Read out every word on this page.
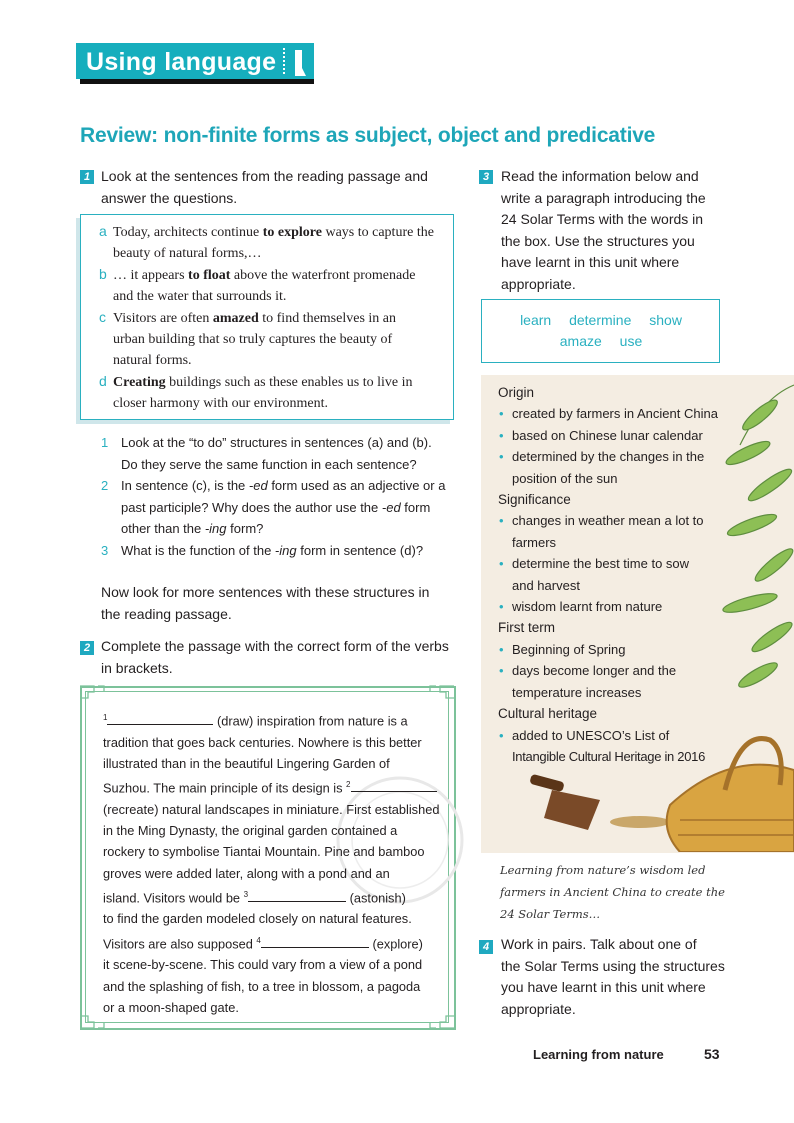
Using language
Review: non-finite forms as subject, object and predicative
1 Look at the sentences from the reading passage and
answer the questions.
a Today, architects continue to explore ways to capture the
beauty of natural forms,…
b … it appears to float above the waterfront promenade
and the water that surrounds it.
c Visitors are often amazed to find themselves in an
urban building that so truly captures the beauty of
natural forms.
d Creating buildings such as these enables us to live in
closer harmony with our environment.
1 Look at the “to do” structures in sentences (a) and (b).
Do they serve the same function in each sentence?
2 In sentence (c), is the -ed form used as an adjective or a
past participle? Why does the author use the -ed form
other than the -ing form?
3 What is the function of the -ing form in sentence (d)?
Now look for more sentences with these structures in
the reading passage.
2 Complete the passage with the correct form of the verbs
in brackets.
$^1$	(draw) inspiration from nature is a
tradition that goes back centuries. Nowhere is this better
illustrated than in the beautiful Lingering Garden of
Suzhou. The main principle of its design is $^2$
(recreate) natural landscapes in miniature. First established
in the Ming Dynasty, the original garden contained a
rockery to symbolise Tiantai Mountain. Pine and bamboo
groves were added later, along with a pond and an
island. Visitors would be $^3$	(astonish)
to find the garden modeled closely on natural features.
Visitors are also supposed $^4$	(explore)
it scene-by-scene. This could vary from a view of a pond
and the splashing of fish, to a tree in blossom, a pagoda
or a moon-shaped gate.
3 Read the information below and
write a paragraph introducing the
24 Solar Terms with the words in
the box. Use the structures you
have learnt in this unit where
appropriate.
learn determine show
amaze use
Origin
• created by farmers in Ancient China
• based on Chinese lunar calendar
• determined by the changes in the
position of the sun
Significance
• changes in weather mean a lot to
farmers
• determine the best time to sow
and harvest
• wisdom learnt from nature
First term
• Beginning of Spring
• days become longer and the
temperature increases
Cultural heritage
• added to UNESCO’s List of
Intangible Cultural Heritage in 2016
Learning from nature’s wisdom led
farmers in Ancient China to create the
24 Solar Terms…
4 Work in pairs. Talk about one of
the Solar Terms using the structures
you have learnt in this unit where
appropriate.
Learning from nature	53
